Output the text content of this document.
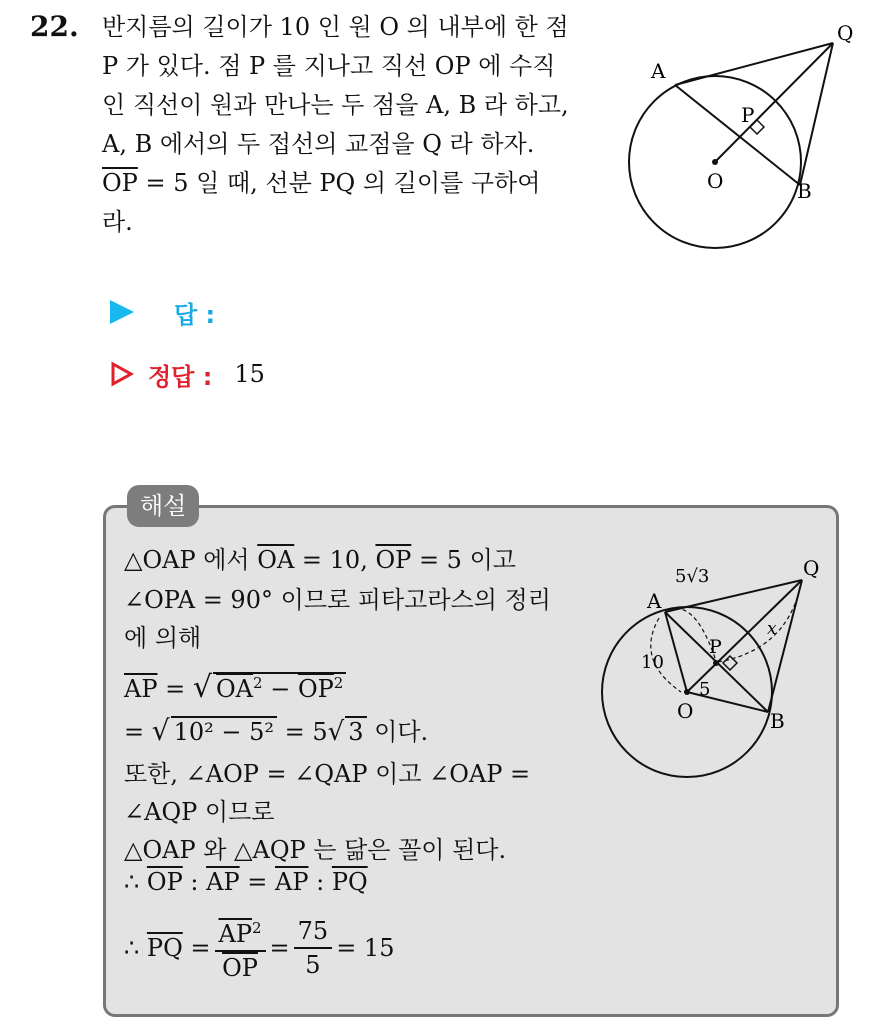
22. 반지름의 길이가 10 인 원 O 의 내부에 한 점
P 가 있다. 점 P 를 지나고 직선 OP 에 수직
인 직선이 원과 만나는 두 점을 A, B 라 하고,
A, B 에서의 두 접선의 교점을 Q 라 하자.
$\overline{OP} = 5$ 일 때, 선분 PQ 의 길이를 구하여
라.
A
Q
P
O	B
답 :
정답 : 15
해설
△OAP 에서 $\overline{OA} = 10$, $\overline{OP} = 5$ 이고
∠OPA = 90° 이므로 피타고라스의 정리
에 의해
$\overline{AP}$ = √ $OA^2 - \overline{OP}^2$
= √ 10² − 5² = 5√ 3 이다.
또한, ∠AOP = ∠QAP 이고 ∠OAP =
∠AQP 이므로
△OAP 와 △AQP 는 닮은 꼴이 된다.
∴ $\overline{OP}$ : $\overline{AP} = \overline{AP}$ : $\overline{PQ}$
∴
$\overline{PQ}$
= $\frac{\overline{AP}^2}{OP} = \frac{75}{5} = 15$
5√3
A
Q
P
O	B
10
5
x
